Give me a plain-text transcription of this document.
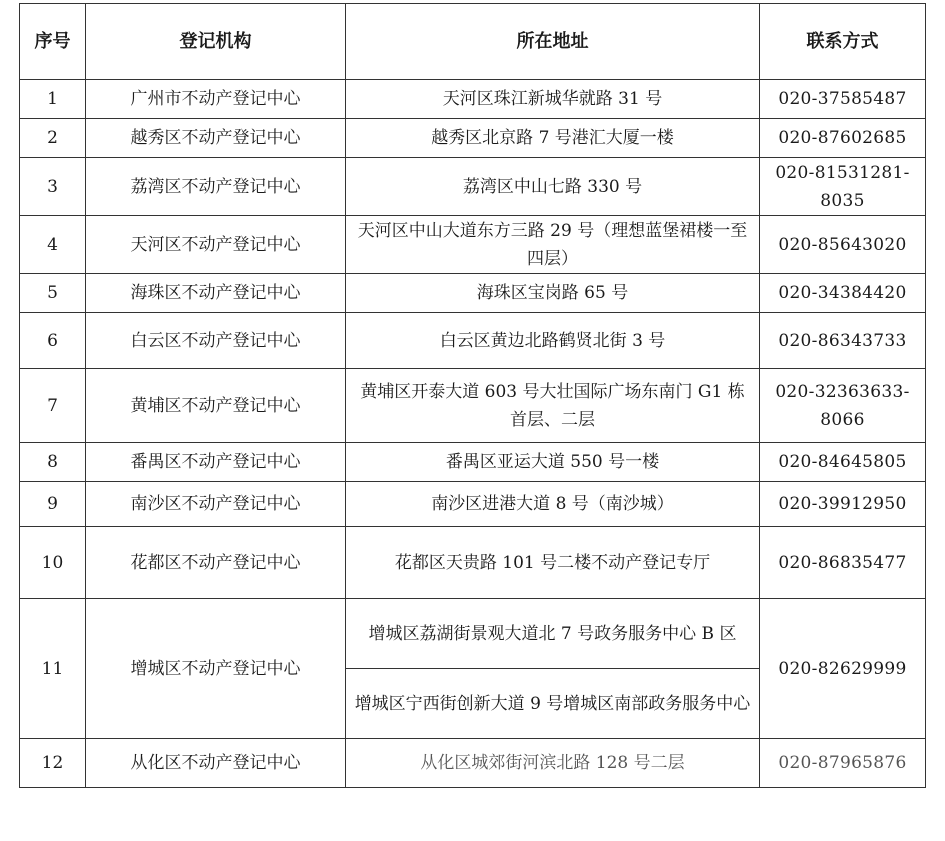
序号	登记机构	所在地址	联系方式
1	广州市不动产登记中心	天河区珠江新城华就路 31 号	020-37585487
2	越秀区不动产登记中心	越秀区北京路 7 号港汇大厦一楼	020-87602685
3	荔湾区不动产登记中心	荔湾区中山七路 330 号	020-81531281-8035
4	天河区不动产登记中心	天河区中山大道东方三路 29 号（理想蓝堡裙楼一至四层）	020-85643020
5	海珠区不动产登记中心	海珠区宝岗路 65 号	020-34384420
6	白云区不动产登记中心	白云区黄边北路鹤贤北街 3 号	020-86343733
7	黄埔区不动产登记中心	黄埔区开泰大道 603 号大壮国际广场东南门 G1 栋首层、二层	020-32363633-8066
8	番禺区不动产登记中心	番禺区亚运大道 550 号一楼	020-84645805
9	南沙区不动产登记中心	南沙区进港大道 8 号（南沙城）	020-39912950
10	花都区不动产登记中心	花都区天贵路 101 号二楼不动产登记专厅	020-86835477
11	增城区不动产登记中心	增城区荔湖街景观大道北 7 号政务服务中心 B 区	020-82629999
		增城区宁西街创新大道 9 号增城区南部政务服务中心	
12	从化区不动产登记中心	从化区城郊街河滨北路 128 号二层	020-87965876
